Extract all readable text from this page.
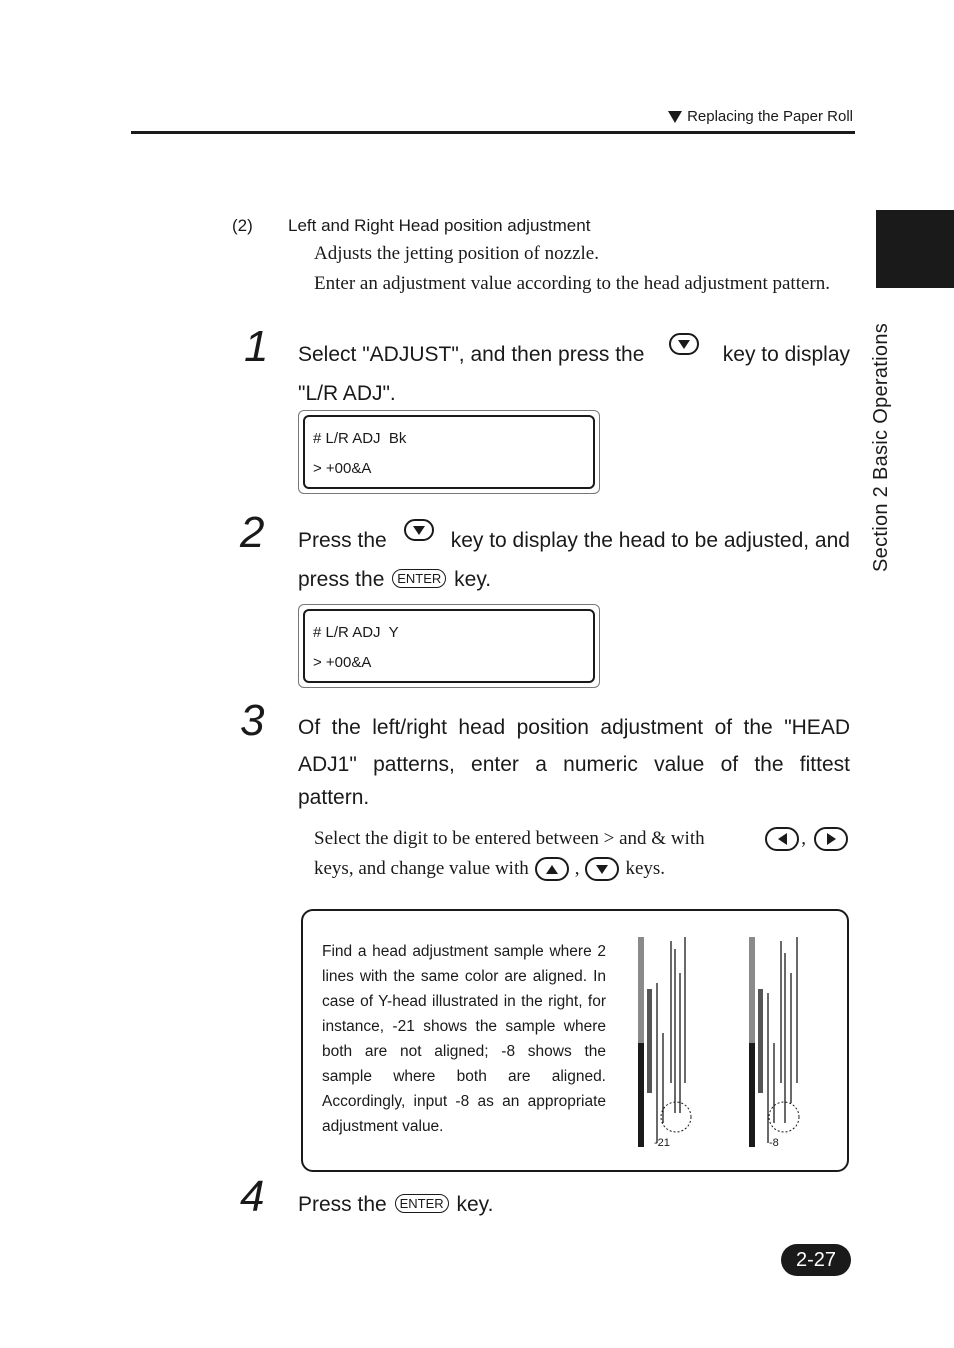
Replacing the Paper Roll
Section 2 Basic Operations
(2) Left and Right Head position adjustment
Adjusts the jetting position of nozzle.
Enter an adjustment value according to the head adjustment pattern.
1 Select "ADJUST", and then press the	key to display
"L/R ADJ".
# L/R ADJ  Bk
> +00&A
2 Press the	key to display the head to be adjusted, and
press the ENTER key.
# L/R ADJ  Y
> +00&A
3 Of the left/right head position adjustment of the "HEAD
ADJ1" patterns, enter a numeric value of the fittest
pattern.
Select the digit to be entered between > and & with	,
keys, and change value with , keys.
Find a head adjustment sample where 2 lines with the same color are aligned. In case of Y-head illustrated in the right, for instance, -21 shows the sample where both are not aligned; -8 shows the sample where both are aligned. Accordingly, input -8 as an appropriate adjustment value.
-21	-8
4 Press the ENTER key.
2-27
